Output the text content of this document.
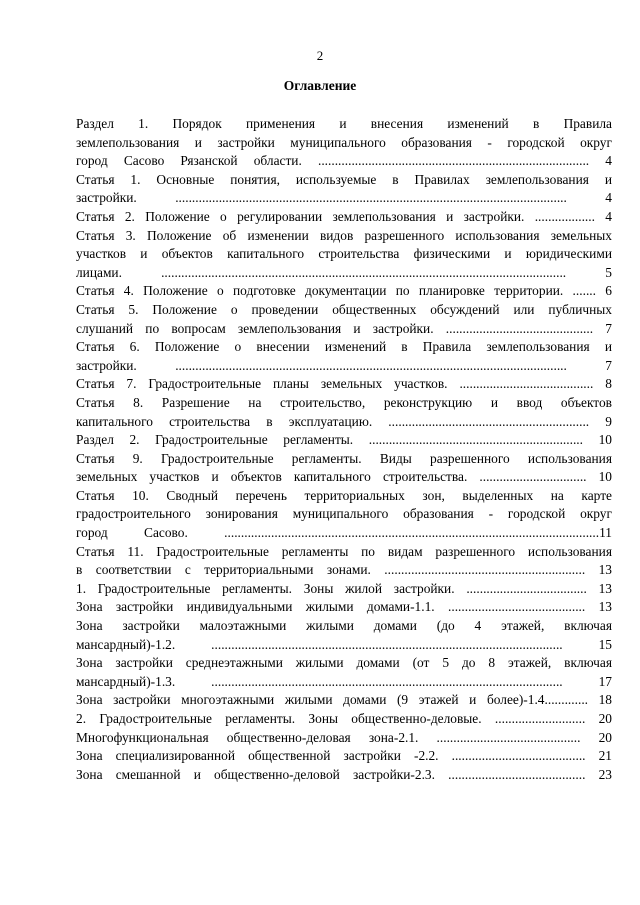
2
Оглавление
Раздел 1. Порядок применения и внесения изменений в Правила
землепользования и застройки муниципального образования - городской округ
город Сасово Рязанской области. ................................................................................. 4
Статья 1. Основные понятия, используемые в Правилах землепользования и
застройки. ..................................................................................................................... 4
Статья 2. Положение о регулировании землепользования и застройки. .................. 4
Статья 3. Положение об изменении видов разрешенного использования земельных
участков и объектов капитального строительства физическими и юридическими
лицами. ......................................................................................................................... 5
Статья 4. Положение о подготовке документации по планировке территории. ....... 6
Статья 5. Положение о проведении общественных обсуждений или публичных
слушаний по вопросам землепользования и застройки. ............................................ 7
Статья 6. Положение о внесении изменений в Правила землепользования и
застройки. ..................................................................................................................... 7
Статья 7. Градостроительные планы земельных участков. ........................................ 8
Статья 8. Разрешение на строительство, реконструкцию и ввод объектов
капитального строительства в эксплуатацию. ............................................................ 9
Раздел 2. Градостроительные регламенты. ................................................................ 10
Статья 9. Градостроительные регламенты. Виды разрешенного использования
земельных участков и объектов капитального строительства. ................................ 10
Статья 10. Сводный перечень территориальных зон, выделенных на карте
градостроительного зонирования муниципального образования - городской округ
город Сасово. ................................................................................................................11
Статья 11. Градостроительные регламенты по видам разрешенного использования
в соответствии с территориальными зонами. ............................................................ 13
1. Градостроительные регламенты. Зоны жилой застройки. .................................... 13
Зона застройки индивидуальными жилыми домами-1.1. ......................................... 13
Зона застройки малоэтажными жилыми домами (до 4 этажей, включая
мансардный)-1.2. ......................................................................................................... 15
Зона застройки среднеэтажными жилыми домами (от 5 до 8 этажей, включая
мансардный)-1.3. ......................................................................................................... 17
Зона застройки многоэтажными жилыми домами (9 этажей и более)-1.4............. 18
2. Градостроительные регламенты. Зоны общественно-деловые. ........................... 20
Многофункциональная общественно-деловая зона-2.1. ........................................... 20
Зона специализированной общественной застройки -2.2. ........................................ 21
Зона смешанной и общественно-деловой застройки-2.3. ......................................... 23
